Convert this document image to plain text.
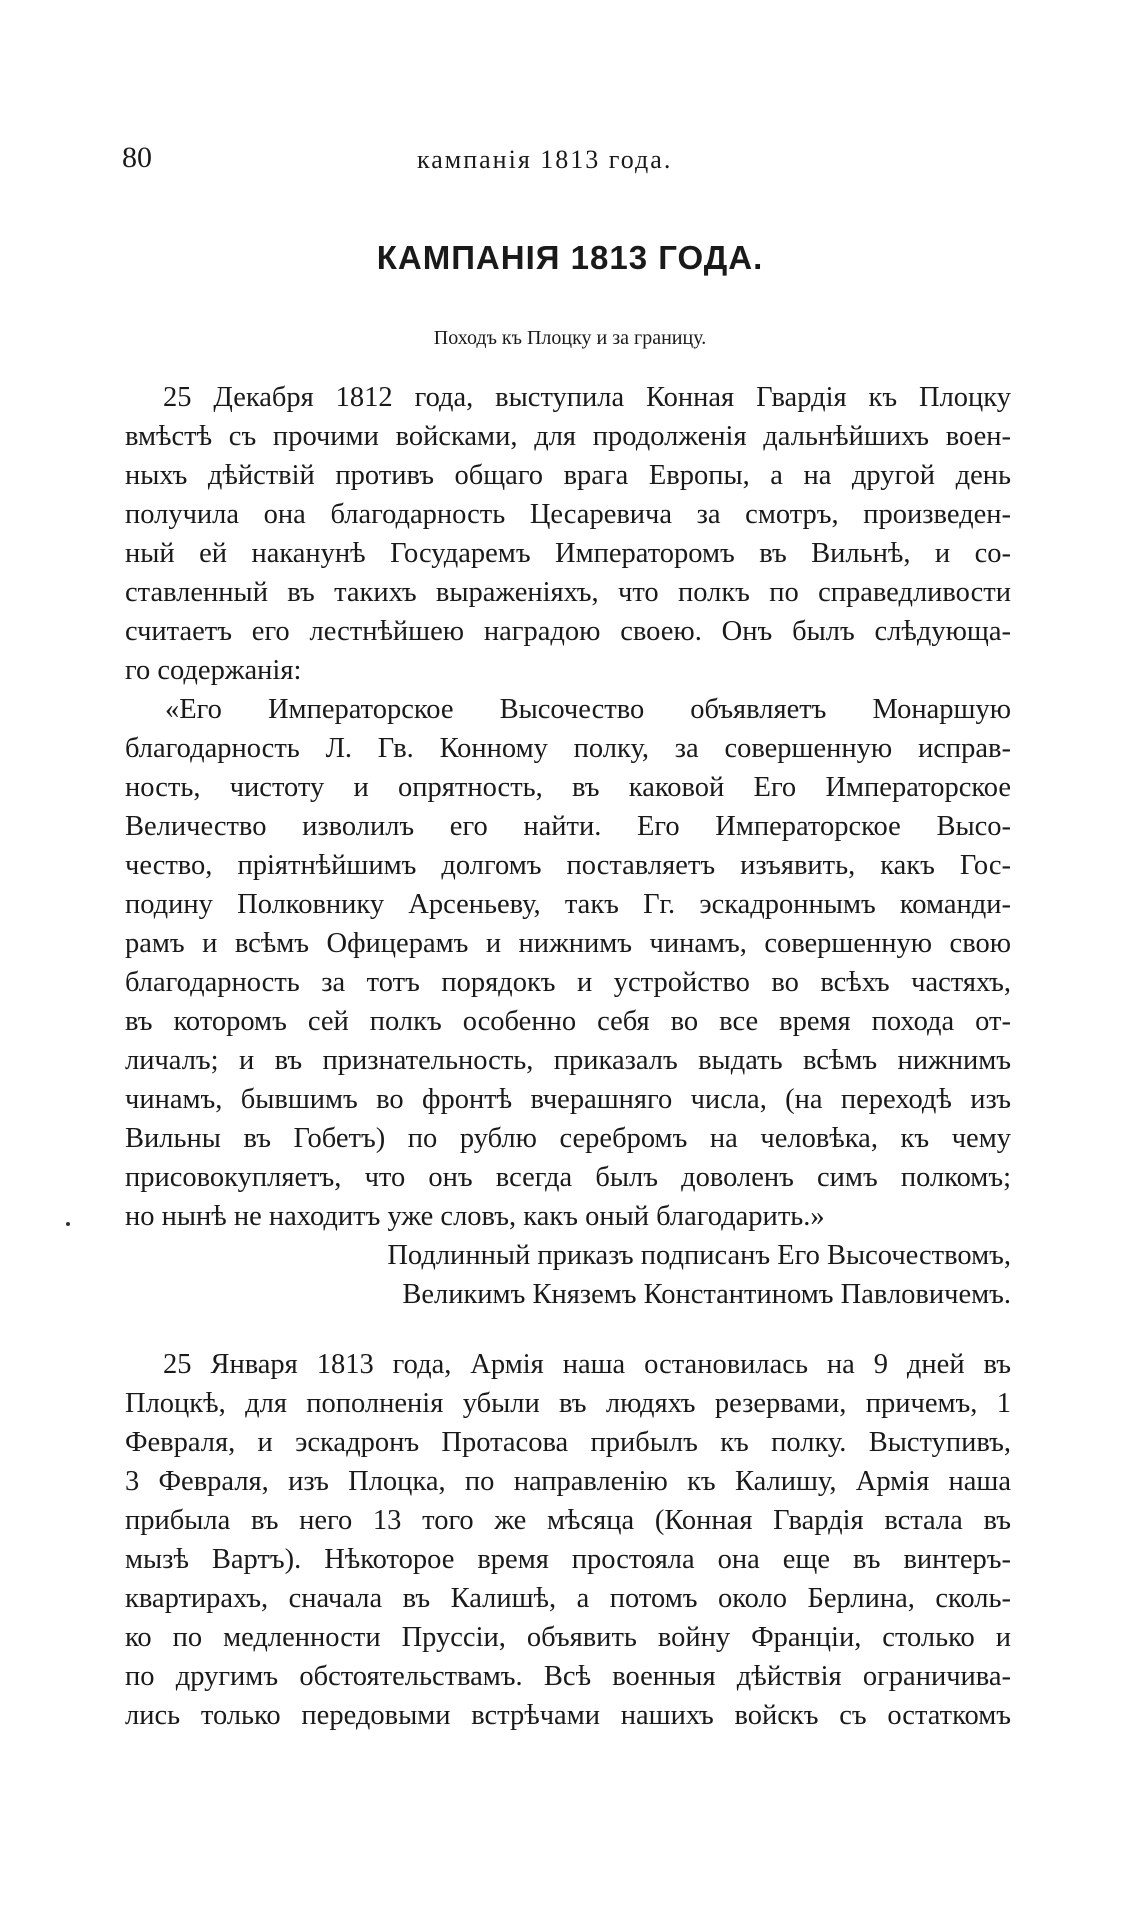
80	кампанія 1813 года.
КАМПАНІЯ 1813 ГОДА.
Походъ къ Плоцку и за границу.
25 Декабря 1812 года, выступила Конная Гвардія къ Плоцку
вмѣстѣ съ прочими войсками, для продолженія дальнѣйшихъ воен-
ныхъ дѣйствій противъ общаго врага Европы, а на другой день
получила она благодарность Цесаревича за смотръ, произведен-
ный ей наканунѣ Государемъ Императоромъ въ Вильнѣ, и со-
ставленный въ такихъ выраженіяхъ, что полкъ по справедливости
считаетъ его лестнѣйшею наградою своею. Онъ былъ слѣдующа-
го содержанія:
«Его Императорское Высочество объявляетъ Монаршую
благодарность Л. Гв. Конному полку, за совершенную исправ-
ность, чистоту и опрятность, въ каковой Его Императорское
Величество изволилъ его найти. Его Императорское Высо-
чество, пріятнѣйшимъ долгомъ поставляетъ изъявить, какъ Гос-
подину Полковнику Арсеньеву, такъ Гг. эскадроннымъ команди-
рамъ и всѣмъ Офицерамъ и нижнимъ чинамъ, совершенную свою
благодарность за тотъ порядокъ и устройство во всѣхъ частяхъ,
въ которомъ сей полкъ особенно себя во все время похода от-
личалъ; и въ признательность, приказалъ выдать всѣмъ нижнимъ
чинамъ, бывшимъ во фронтѣ вчерашняго числа, (на переходѣ изъ
Вильны въ Гобетъ) по рублю серебромъ на человѣка, къ чему
присовокупляетъ, что онъ всегда былъ доволенъ симъ полкомъ;
но нынѣ не находитъ уже словъ, какъ оный благодарить.»
Подлинный приказъ подписанъ Его Высочествомъ,
Великимъ Княземъ Константиномъ Павловичемъ.
25 Января 1813 года, Армія наша остановилась на 9 дней въ
Плоцкѣ, для пополненія убыли въ людяхъ резервами, причемъ, 1
Февраля, и эскадронъ Протасова прибылъ къ полку. Выступивъ,
3 Февраля, изъ Плоцка, по направленію къ Калишу, Армія наша
прибыла въ него 13 того же мѣсяца (Конная Гвардія встала въ
мызѣ Вартъ). Нѣкоторое время простояла она еще въ винтеръ-
квартирахъ, сначала въ Калишѣ, а потомъ около Берлина, сколь-
ко по медленности Пруссіи, объявить войну Франціи, столько и
по другимъ обстоятельствамъ. Всѣ военныя дѣйствія ограничива-
лись только передовыми встрѣчами нашихъ войскъ съ остаткомъ
